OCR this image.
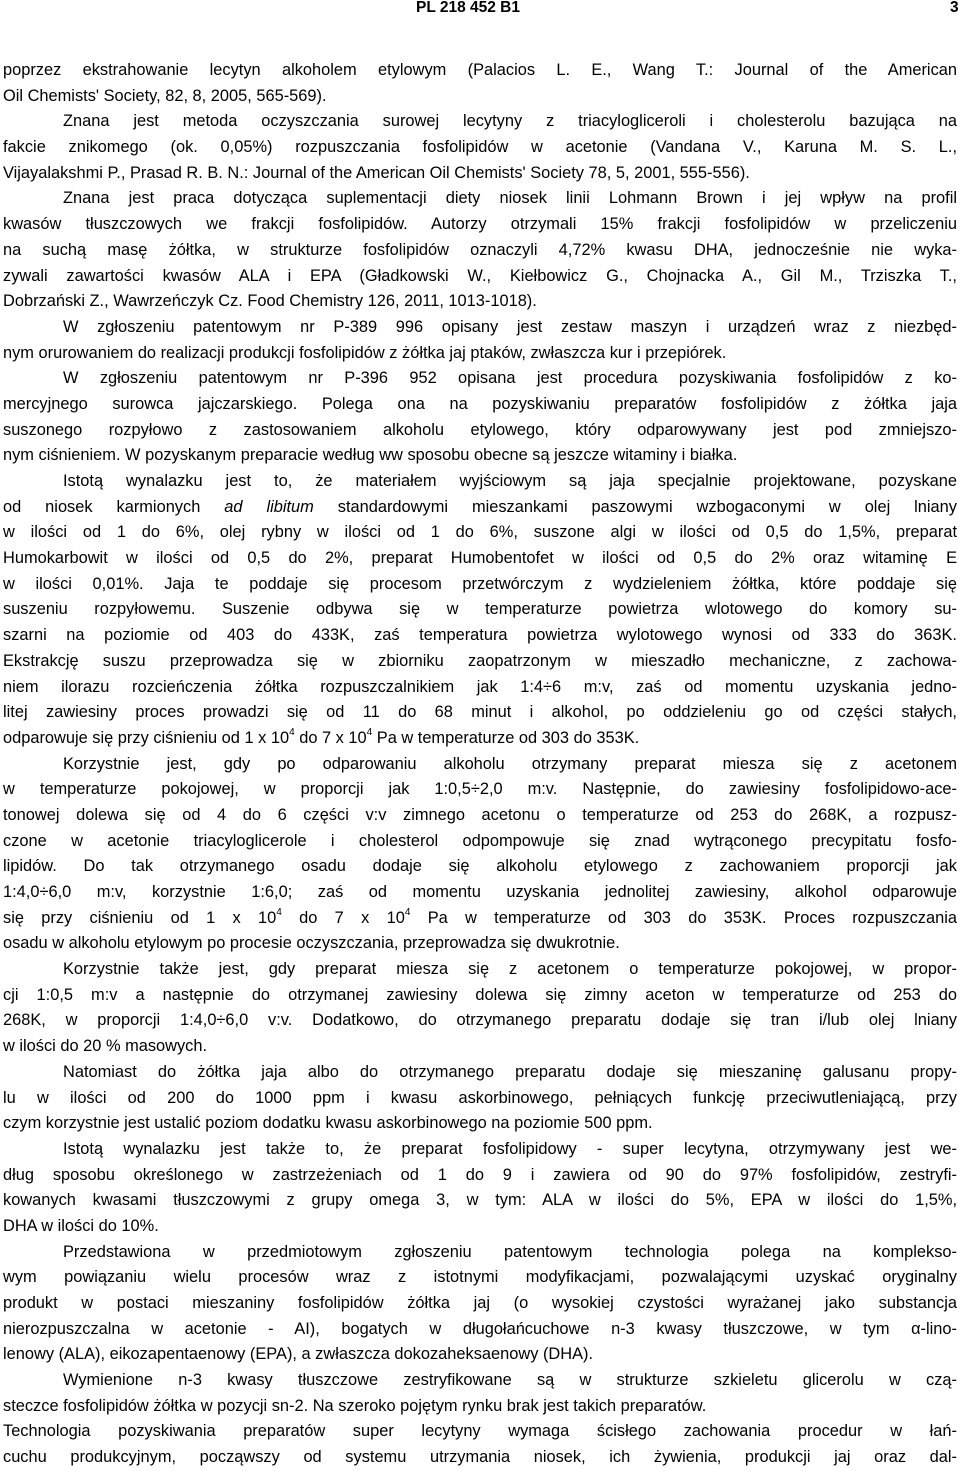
PL 218 452 B1	3
poprzez ekstrahowanie lecytyn alkoholem etylowym (Palacios L. E., Wang T.: Journal of the American
Oil Chemists' Society, 82, 8, 2005, 565-569).
Znana jest metoda oczyszczania surowej lecytyny z triacylogliceroli i cholesterolu bazująca na
fakcie znikomego (ok. 0,05%) rozpuszczania fosfolipidów w acetonie (Vandana V., Karuna M. S. L.,
Vijayalakshmi P., Prasad R. B. N.: Journal of the American Oil Chemists' Society 78, 5, 2001, 555-556).
Znana jest praca dotycząca suplementacji diety niosek linii Lohmann Brown i jej wpływ na profil
kwasów tłuszczowych we frakcji fosfolipidów. Autorzy otrzymali 15% frakcji fosfolipidów w przeliczeniu
na suchą masę żółtka, w strukturze fosfolipidów oznaczyli 4,72% kwasu DHA, jednocześnie nie wyka-
zywali zawartości kwasów ALA i EPA (Gładkowski W., Kiełbowicz G., Chojnacka A., Gil M., Trziszka T.,
Dobrzański Z., Wawrzeńczyk Cz. Food Chemistry 126, 2011, 1013-1018).
W zgłoszeniu patentowym nr P-389 996 opisany jest zestaw maszyn i urządzeń wraz z niezbęd-
nym orurowaniem do realizacji produkcji fosfolipidów z żółtka jaj ptaków, zwłaszcza kur i przepiórek.
W zgłoszeniu patentowym nr P-396 952 opisana jest procedura pozyskiwania fosfolipidów z ko-
mercyjnego surowca jajczarskiego. Polega ona na pozyskiwaniu preparatów fosfolipidów z żółtka jaja
suszonego rozpyłowo z zastosowaniem alkoholu etylowego, który odparowywany jest pod zmniejszo-
nym ciśnieniem. W pozyskanym preparacie według ww sposobu obecne są jeszcze witaminy i białka.
Istotą wynalazku jest to, że materiałem wyjściowym są jaja specjalnie projektowane, pozyskane
od niosek karmionych ad libitum standardowymi mieszankami paszowymi wzbogaconymi w olej lniany
w ilości od 1 do 6%, olej rybny w ilości od 1 do 6%, suszone algi w ilości od 0,5 do 1,5%, preparat
Humokarbowit w ilości od 0,5 do 2%, preparat Humobentofet w ilości od 0,5 do 2% oraz witaminę E
w ilości 0,01%. Jaja te poddaje się procesom przetwórczym z wydzieleniem żółtka, które poddaje się
suszeniu rozpyłowemu. Suszenie odbywa się w temperaturze powietrza wlotowego do komory su-
szarni na poziomie od 403 do 433K, zaś temperatura powietrza wylotowego wynosi od 333 do 363K.
Ekstrakcję suszu przeprowadza się w zbiorniku zaopatrzonym w mieszadło mechaniczne, z zachowa-
niem ilorazu rozcieńczenia żółtka rozpuszczalnikiem jak 1:4÷6 m:v, zaś od momentu uzyskania jedno-
litej zawiesiny proces prowadzi się od 11 do 68 minut i alkohol, po oddzieleniu go od części stałych,
odparowuje się przy ciśnieniu od 1 x $10^4$ do 7 x $10^4$ Pa w temperaturze od 303 do 353K.
Korzystnie jest, gdy po odparowaniu alkoholu otrzymany preparat miesza się z acetonem
w temperaturze pokojowej, w proporcji jak 1:0,5÷2,0 m:v. Następnie, do zawiesiny fosfolipidowo-ace-
tonowej dolewa się od 4 do 6 części v:v zimnego acetonu o temperaturze od 253 do 268K, a rozpusz-
czone w acetonie triacyloglicerole i cholesterol odpompowuje się znad wytrąconego precypitatu fosfo-
lipidów. Do tak otrzymanego osadu dodaje się alkoholu etylowego z zachowaniem proporcji jak
1:4,0÷6,0 m:v, korzystnie 1:6,0; zaś od momentu uzyskania jednolitej zawiesiny, alkohol odparowuje
się przy ciśnieniu od 1 x $10^4$ do 7 x $10^4$ Pa w temperaturze od 303 do 353K. Proces rozpuszczania
osadu w alkoholu etylowym po procesie oczyszczania, przeprowadza się dwukrotnie.
Korzystnie także jest, gdy preparat miesza się z acetonem o temperaturze pokojowej, w propor-
cji 1:0,5 m:v a następnie do otrzymanej zawiesiny dolewa się zimny aceton w temperaturze od 253 do
268K, w proporcji 1:4,0÷6,0 v:v. Dodatkowo, do otrzymanego preparatu dodaje się tran i/lub olej lniany
w ilości do 20 % masowych.
Natomiast do żółtka jaja albo do otrzymanego preparatu dodaje się mieszaninę galusanu propy-
lu w ilości od 200 do 1000 ppm i kwasu askorbinowego, pełniących funkcję przeciwutleniającą, przy
czym korzystnie jest ustalić poziom dodatku kwasu askorbinowego na poziomie 500 ppm.
Istotą wynalazku jest także to, że preparat fosfolipidowy - super lecytyna, otrzymywany jest we-
dług sposobu określonego w zastrzeżeniach od 1 do 9 i zawiera od 90 do 97% fosfolipidów, zestryfi-
kowanych kwasami tłuszczowymi z grupy omega 3, w tym: ALA w ilości do 5%, EPA w ilości do 1,5%,
DHA w ilości do 10%.
Przedstawiona w przedmiotowym zgłoszeniu patentowym technologia polega na komplekso-
wym powiązaniu wielu procesów wraz z istotnymi modyfikacjami, pozwalającymi uzyskać oryginalny
produkt w postaci mieszaniny fosfolipidów żółtka jaj (o wysokiej czystości wyrażanej jako substancja
nierozpuszczalna w acetonie - AI), bogatych w długołańcuchowe n-3 kwasy tłuszczowe, w tym α-lino-
lenowy (ALA), eikozapentaenowy (EPA), a zwłaszcza dokozaheksaenowy (DHA).
Wymienione n-3 kwasy tłuszczowe zestryfikowane są w strukturze szkieletu glicerolu w czą-
steczce fosfolipidów żółtka w pozycji sn-2. Na szeroko pojętym rynku brak jest takich preparatów.
Technologia pozyskiwania preparatów super lecytyny wymaga ścisłego zachowania procedur w łań-
cuchu produkcyjnym, począwszy od systemu utrzymania niosek, ich żywienia, produkcji jaj oraz dal-
